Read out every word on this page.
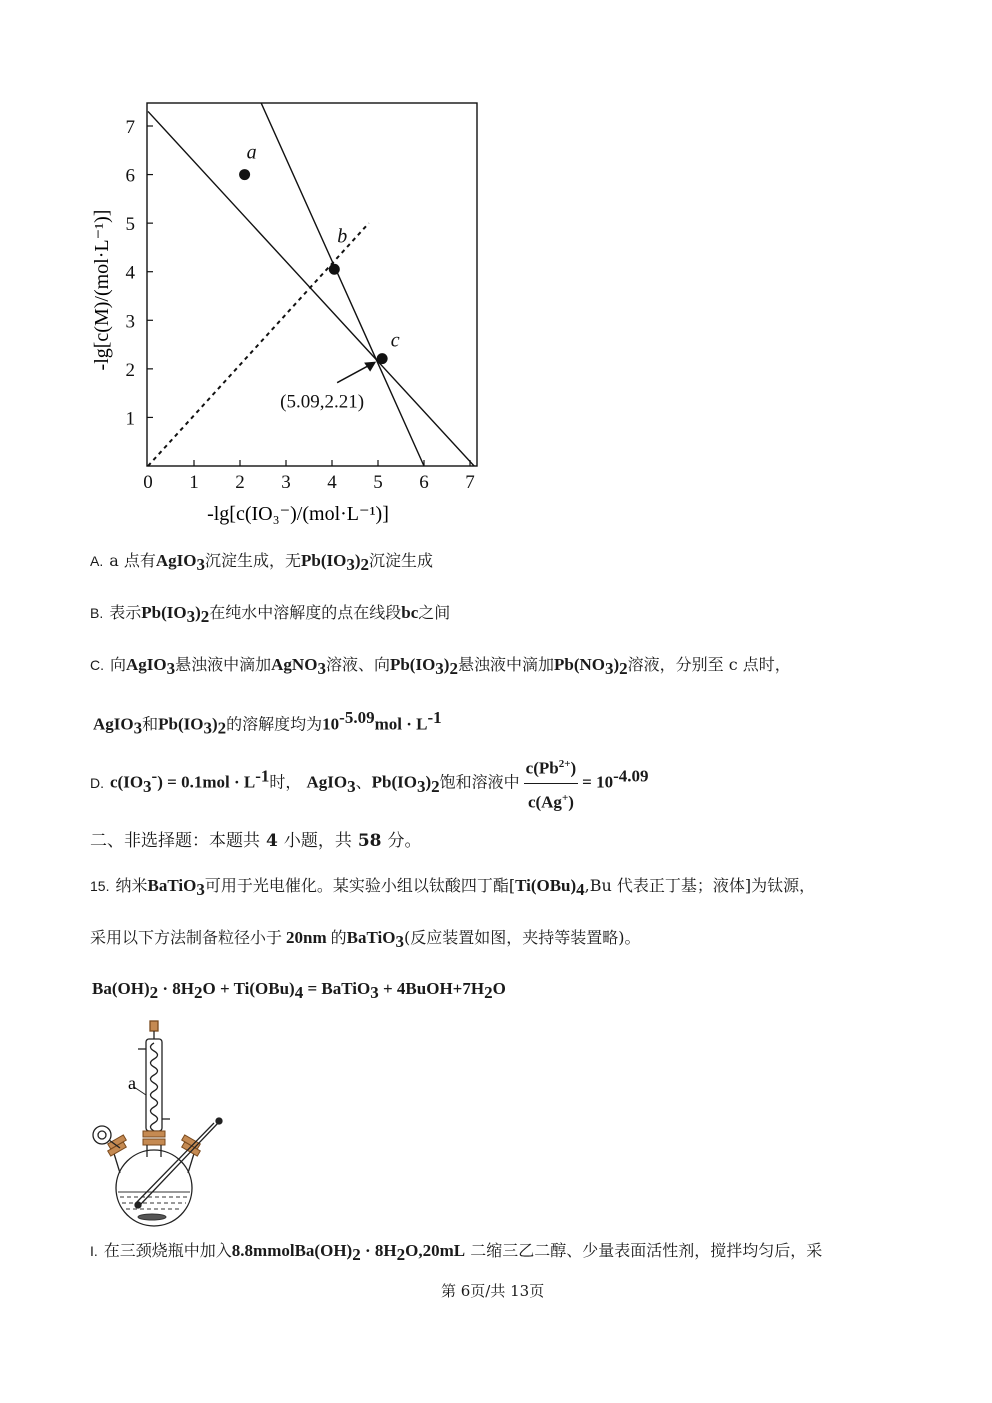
0 1 2 3 4 5 6 7
1
2
3
4
5
6
7
a
b
c
(5.09,2.21)
-lg[c(IO₃⁻)/(mol·L⁻¹)]
-lg[c(M)/(mol·L⁻¹)]
A. a 点有AgIO$_3$沉淀生成，无$Pb(IO_3)_2$沉淀生成
B. 表示$Pb(IO_3)_2$在纯水中溶解度的点在线段bc之间
C. 向AgIO$_3$悬浊液中滴加AgNO$_3$溶液、向$Pb(IO_3)_2$悬浊液中滴加$Pb(NO_3)_2$溶液，分别至 c 点时，
AgIO$_3$和$Pb(IO_3)_2$的溶解度均为$10^{-5.09}mol \cdot L^{-1}$
D. $c(IO_3^-) = 0.1mol \cdot L^{-1}$时， AgIO$_3$、$Pb(IO_3)_2$饱和溶液中 $\frac{c(Pb^{2+})}{c(Ag^+)} = 10^{-4.09}$
二、非选择题：本题共 4 小题，共 58 分。
15. 纳米BaTiO$_3$可用于光电催化。某实验小组以钛酸四丁酯[$Ti(OBu)_4,Bu$ 代表正丁基；液体]为钛源，
采用以下方法制备粒径小于 20nm 的BaTiO$_3$(反应装置如图，夹持等装置略)。
$Ba(OH)_2 \cdot 8H_2O + Ti(OBu)_4$ = BaTiO$_3$ + $4BuOH+7H_2O$
a
I. 在三颈烧瓶中加入$8.8mmolBa(OH)_2 \cdot 8H_2O,20mL$ 二缩三乙二醇、少量表面活性剂，搅拌均匀后，采
第 6页/共 13页
